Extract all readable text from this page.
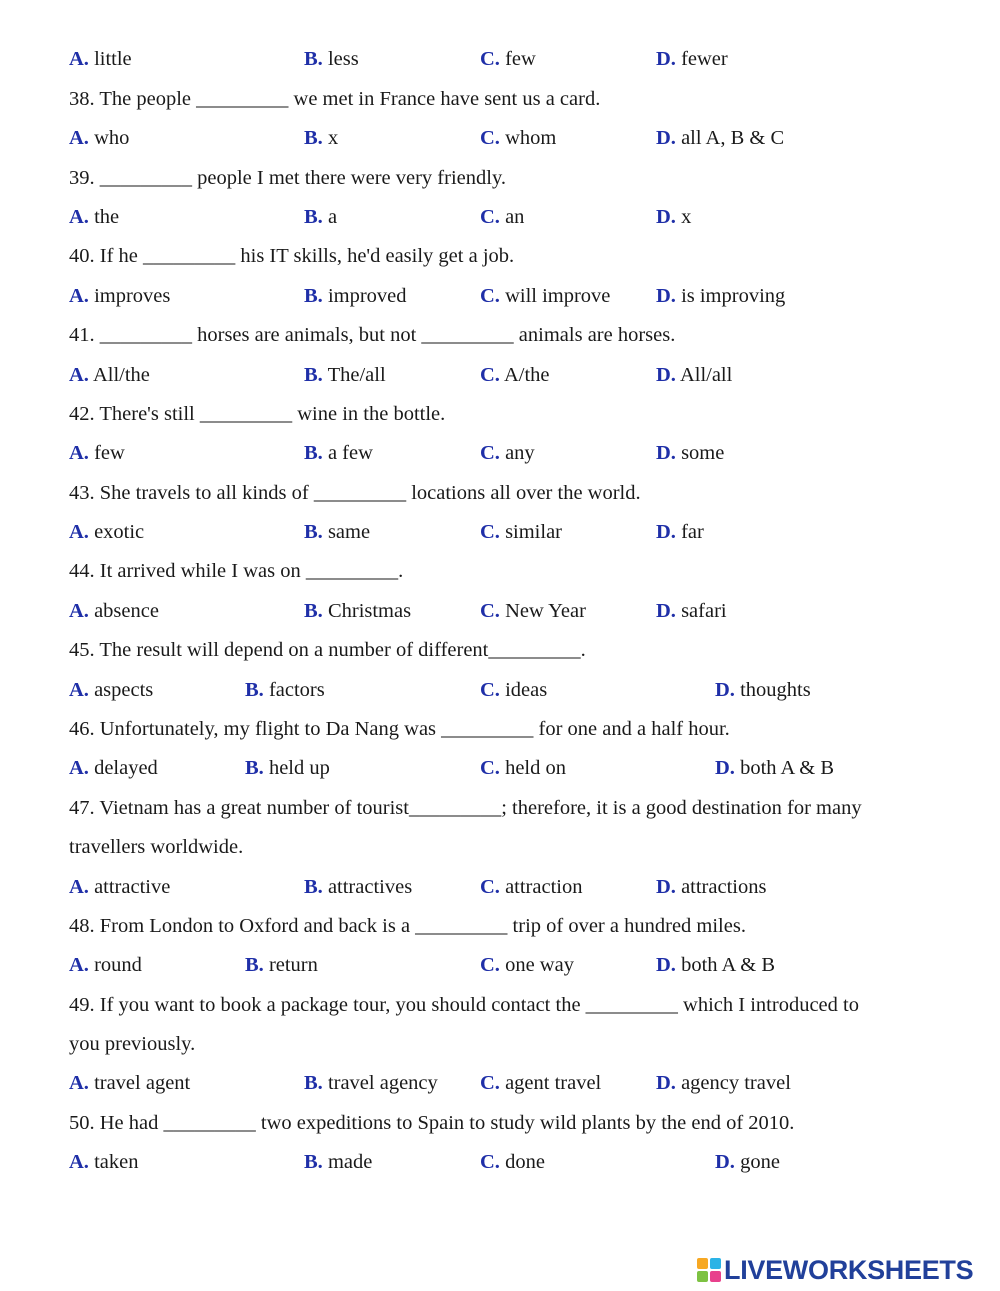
A. little	B. less	C. few	D. fewer
38. The people _________ we met in France have sent us a card.
A. who	B. x	C. whom	D. all A, B & C
39. _________ people I met there were very friendly.
A. the	B. a	C. an	D. x
40. If he _________ his IT skills, he'd easily get a job.
A. improves	B. improved	C. will improve D. is improving
41. _________ horses are animals, but not _________ animals are horses.
A. All/the	B. The/all	C. A/the	D. All/all
42. There's still _________ wine in the bottle.
A. few	B. a few	C. any	D. some
43. She travels to all kinds of _________ locations all over the world.
A. exotic	B. same	C. similar	D. far
44. It arrived while I was on _________.
A. absence	B. Christmas	C. New Year	D. safari
45. The result will depend on a number of different_________.
A. aspects	B. factors	C. ideas	D. thoughts
46. Unfortunately, my flight to Da Nang was _________ for one and a half hour.
A. delayed	B. held up	C. held on	D. both A & B
47. Vietnam has a great number of tourist_________; therefore, it is a good destination for many
travellers worldwide.
A. attractive	B. attractives	C. attraction	D. attractions
48. From London to Oxford and back is a _________ trip of over a hundred miles.
A. round	B. return	C. one way	D. both A & B
49. If you want to book a package tour, you should contact the _________ which I introduced to
you previously.
A. travel agent	B. travel agency C. agent travel	D. agency travel
50. He had _________ two expeditions to Spain to study wild plants by the end of 2010.
A. taken	B. made	C. done	D. gone
LIVEWORKSHEETS
